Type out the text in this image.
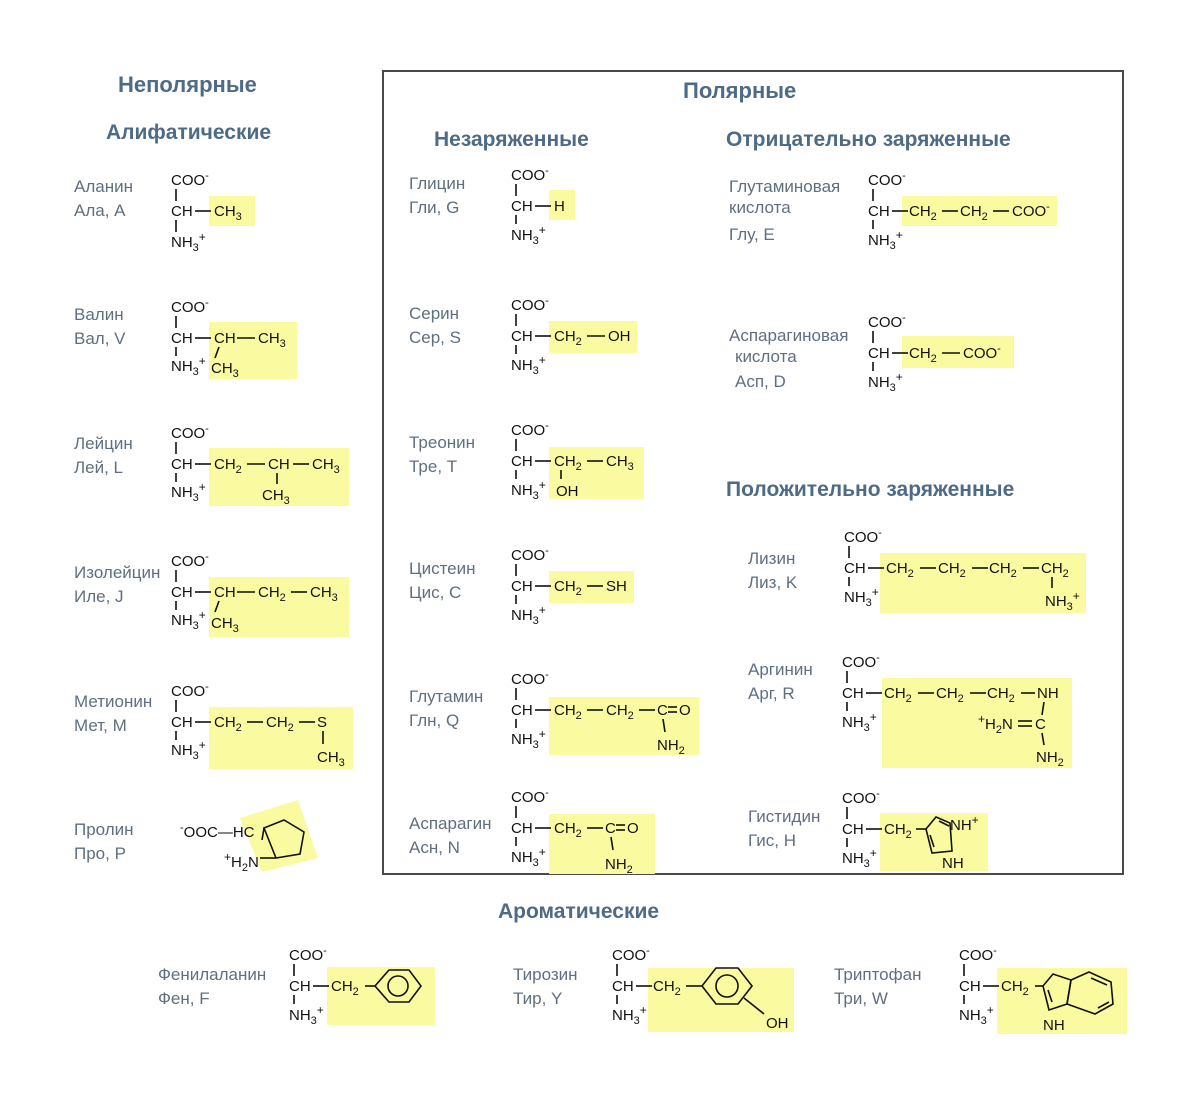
Неполярные
Алифатические
Полярные
Незаряженные	Отрицательно заряженные
Положительно заряженные
Ароматические
Аланин
Ала, A
COO-
CH $CH_3$
$NH_3^+$
Валин
Вал, V
COO-
CH CH $CH_3$
$CH_3$
$NH_3^+$
Лейцин
Лей, L
COO-
CH $CH_2$ CH $CH_3$
$CH_3$
$NH_3^+$
Изолейцин
Иле, J
COO-
CH CH $CH_2$ $CH_3$
$CH_3$
$NH_3^+$
Метионин
Мет, M
COO-
CH $CH_2$ $CH_2$ S
$CH_3$
$NH_3^+$
Пролин
Про, P
-OOC—HC
$^+H_2N$
Глицин
Гли, G
COO-
CH H
$NH_3^+$
Серин
Сер, S
COO-
CH $CH_2$ OH
$NH_3^+$
Треонин
Тре, T
COO-
CH $CH_2$ $CH_3$
OH
$NH_3^+$
Цистеин
Цис, C
COO-
CH $CH_2$ SH
$NH_3^+$
Глутамин
Глн, Q
COO-
CH $CH_2$ $CH_2$ C O
$NH_2$
$NH_3^+$
Аспарагин
Асн, N
COO-
CH $CH_2$ C O
$NH_2$
$NH_3^+$
Глутаминовая
кислота
Глу, E
COO-
CH $CH_2$ $CH_2$ COO-
$NH_3^+$
Аспарагиновая
кислота
Асп, D
COO-
CH $CH_2$ COO-
$NH_3^+$
Лизин
Лиз, K
COO-
CH $CH_2$ $CH_2$ $CH_2$ $CH_2$
$NH_3^+$
$NH_3^+$
Аргинин
Арг, R
COO-
CH $CH_2$ $CH_2$ $CH_2$ NH
$^+H_2N$ C
$NH_2$
$NH_3^+$
Гистидин
Гис, H
COO-
CH $CH_2$
NH+
NH
$NH_3^+$
Фенилаланин
Фен, F
COO-
CH $CH_2$
$NH_3^+$
Тирозин
Тир, Y
COO-
CH $CH_2$
OH
$NH_3^+$
Триптофан
Три, W
COO-
CH $CH_2$
NH
$NH_3^+$
